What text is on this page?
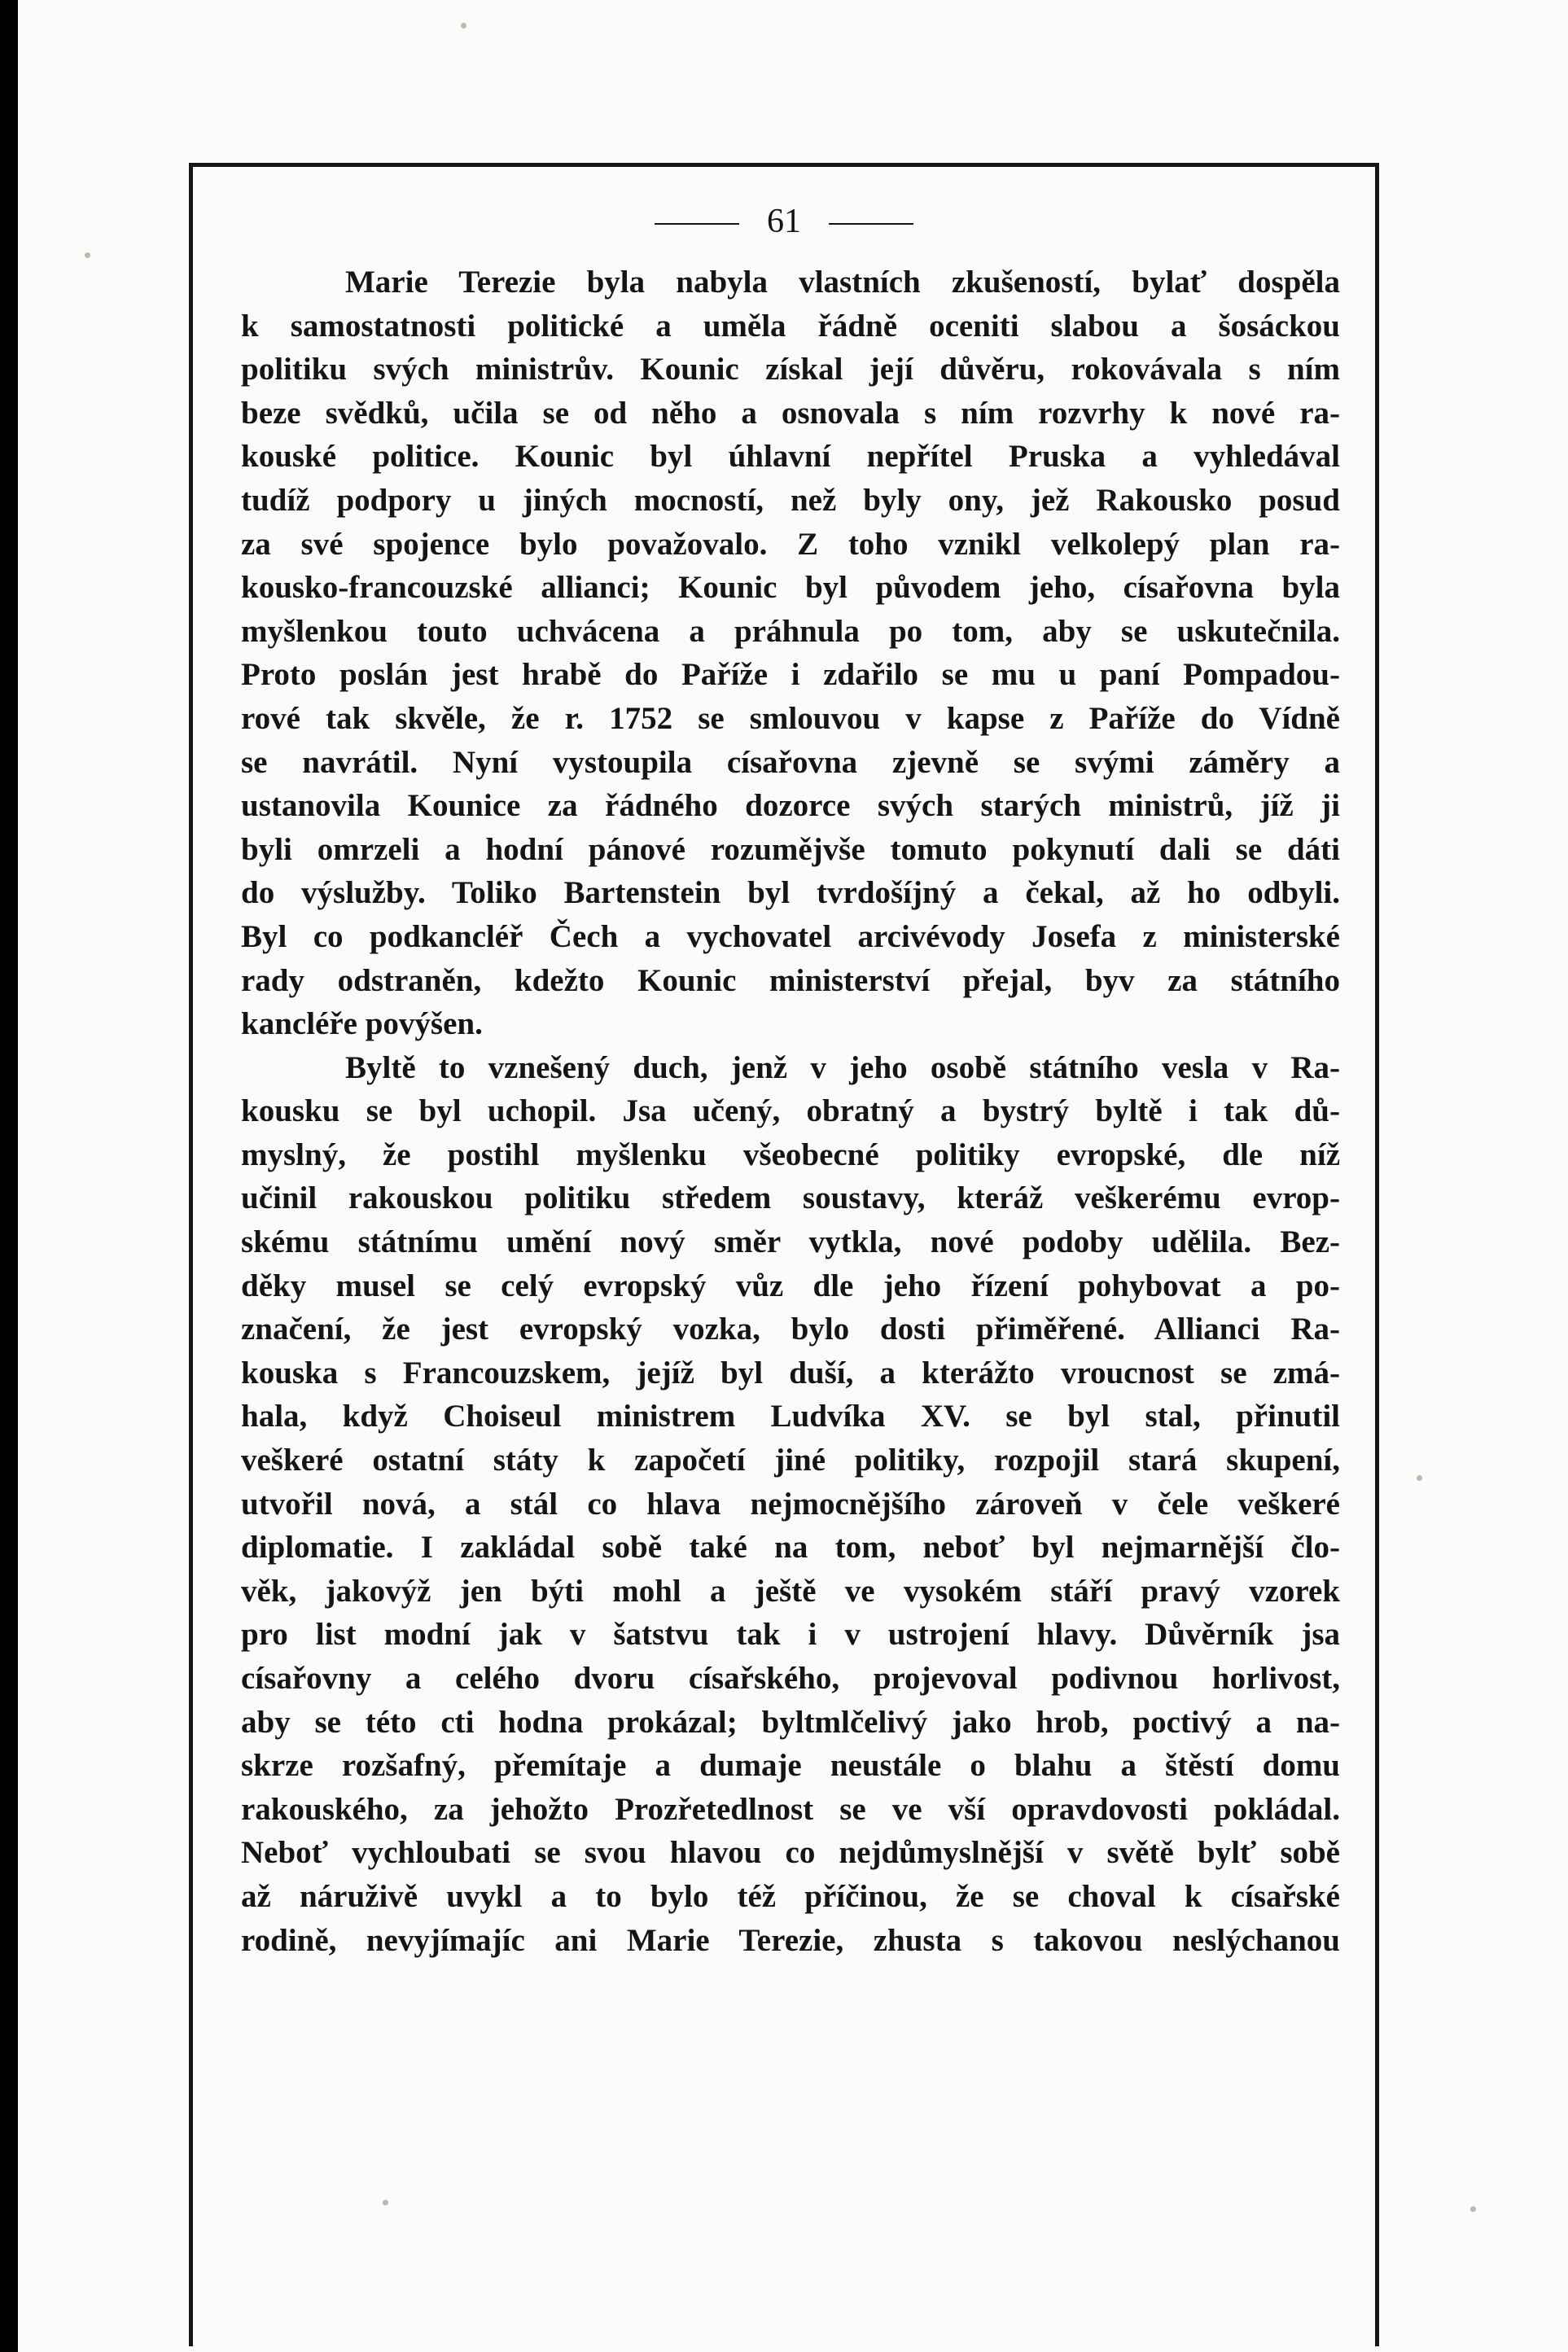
61
Marie Terezie byla nabyla vlastních zkušeností, bylať dospěla
k samostatnosti politické a uměla řádně oceniti slabou a šosáckou
politiku svých ministrův. Kounic získal její důvěru, rokovávala s ním
beze svědků, učila se od něho a osnovala s ním rozvrhy k nové ra-
kouské politice. Kounic byl úhlavní nepřítel Pruska a vyhledával
tudíž podpory u jiných mocností, než byly ony, jež Rakousko posud
za své spojence bylo považovalo. Z toho vznikl velkolepý plan ra-
kousko-francouzské allianci; Kounic byl původem jeho, císařovna byla
myšlenkou touto uchvácena a práhnula po tom, aby se uskutečnila.
Proto poslán jest hrabě do Paříže i zdařilo se mu u paní Pompadou-
rové tak skvěle, že r. 1752 se smlouvou v kapse z Paříže do Vídně
se navrátil. Nyní vystoupila císařovna zjevně se svými záměry a
ustanovila Kounice za řádného dozorce svých starých ministrů, jíž ji
byli omrzeli a hodní pánové rozumějvše tomuto pokynutí dali se dáti
do výslužby. Toliko Bartenstein byl tvrdošíjný a čekal, až ho odbyli.
Byl co podkancléř Čech a vychovatel arcivévody Josefa z ministerské
rady odstraněn, kdežto Kounic ministerství přejal, byv za státního
kancléře povýšen.
Byltě to vznešený duch, jenž v jeho osobě státního vesla v Ra-
kousku se byl uchopil. Jsa učený, obratný a bystrý byltě i tak dů-
myslný, že postihl myšlenku všeobecné politiky evropské, dle níž
učinil rakouskou politiku středem soustavy, kteráž veškerému evrop-
skému státnímu umění nový směr vytkla, nové podoby udělila. Bez-
děky musel se celý evropský vůz dle jeho řízení pohybovat a po-
značení, že jest evropský vozka, bylo dosti přiměřené. Allianci Ra-
kouska s Francouzskem, jejíž byl duší, a kterážto vroucnost se zmá-
hala, když Choiseul ministrem Ludvíka XV. se byl stal, přinutil
veškeré ostatní státy k započetí jiné politiky, rozpojil stará skupení,
utvořil nová, a stál co hlava nejmocnějšího zároveň v čele veškeré
diplomatie. I zakládal sobě také na tom, neboť byl nejmarnější člo-
věk, jakovýž jen býti mohl a ještě ve vysokém stáří pravý vzorek
pro list modní jak v šatstvu tak i v ustrojení hlavy. Důvěrník jsa
císařovny a celého dvoru císařského, projevoval podivnou horlivost,
aby se této cti hodna prokázal; byltmlčelivý jako hrob, poctivý a na-
skrze rozšafný, přemítaje a dumaje neustále o blahu a štěstí domu
rakouského, za jehožto Prozřetedlnost se ve vší opravdovosti pokládal.
Neboť vychloubati se svou hlavou co nejdůmyslnější v světě bylť sobě
až náruživě uvykl a to bylo též příčinou, že se choval k císařské
rodině, nevyjímajíc ani Marie Terezie, zhusta s takovou neslýchanou
